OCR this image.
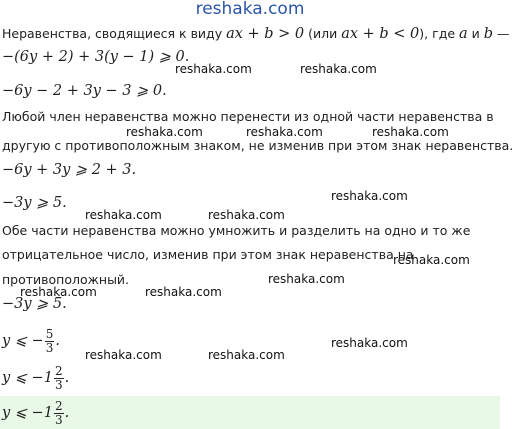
reshaka.com
Неравенства, сводящиеся к виду ax + b > 0 (или ax + b < 0), где a и b —
−(6y + 2) + 3(y − 1) ⩾ 0.
−6y − 2 + 3y − 3 ⩾ 0.
Любой член неравенства можно перенести из одной части неравенства в
другую с противоположным знаком, не изменив при этом знак неравенства.
−6y + 3y ⩾ 2 + 3.
−3y ⩾ 5.
Обе части неравенства можно умножить и разделить на одно и то же
отрицательное число, изменив при этом знак неравенства на
противоположный.
−3y ⩾ 5.
y ⩽ − $\frac{5}{3}$ .
y ⩽ $-1 \frac{2}{3}$ .
y ⩽ $-1 \frac{2}{3}$ .
reshaka.com	reshaka.com
reshaka.com	reshaka.com	reshaka.com
reshaka.com
reshaka.com	reshaka.com
reshaka.com
reshaka.com
reshaka.com	reshaka.com
reshaka.com
reshaka.com	reshaka.com
